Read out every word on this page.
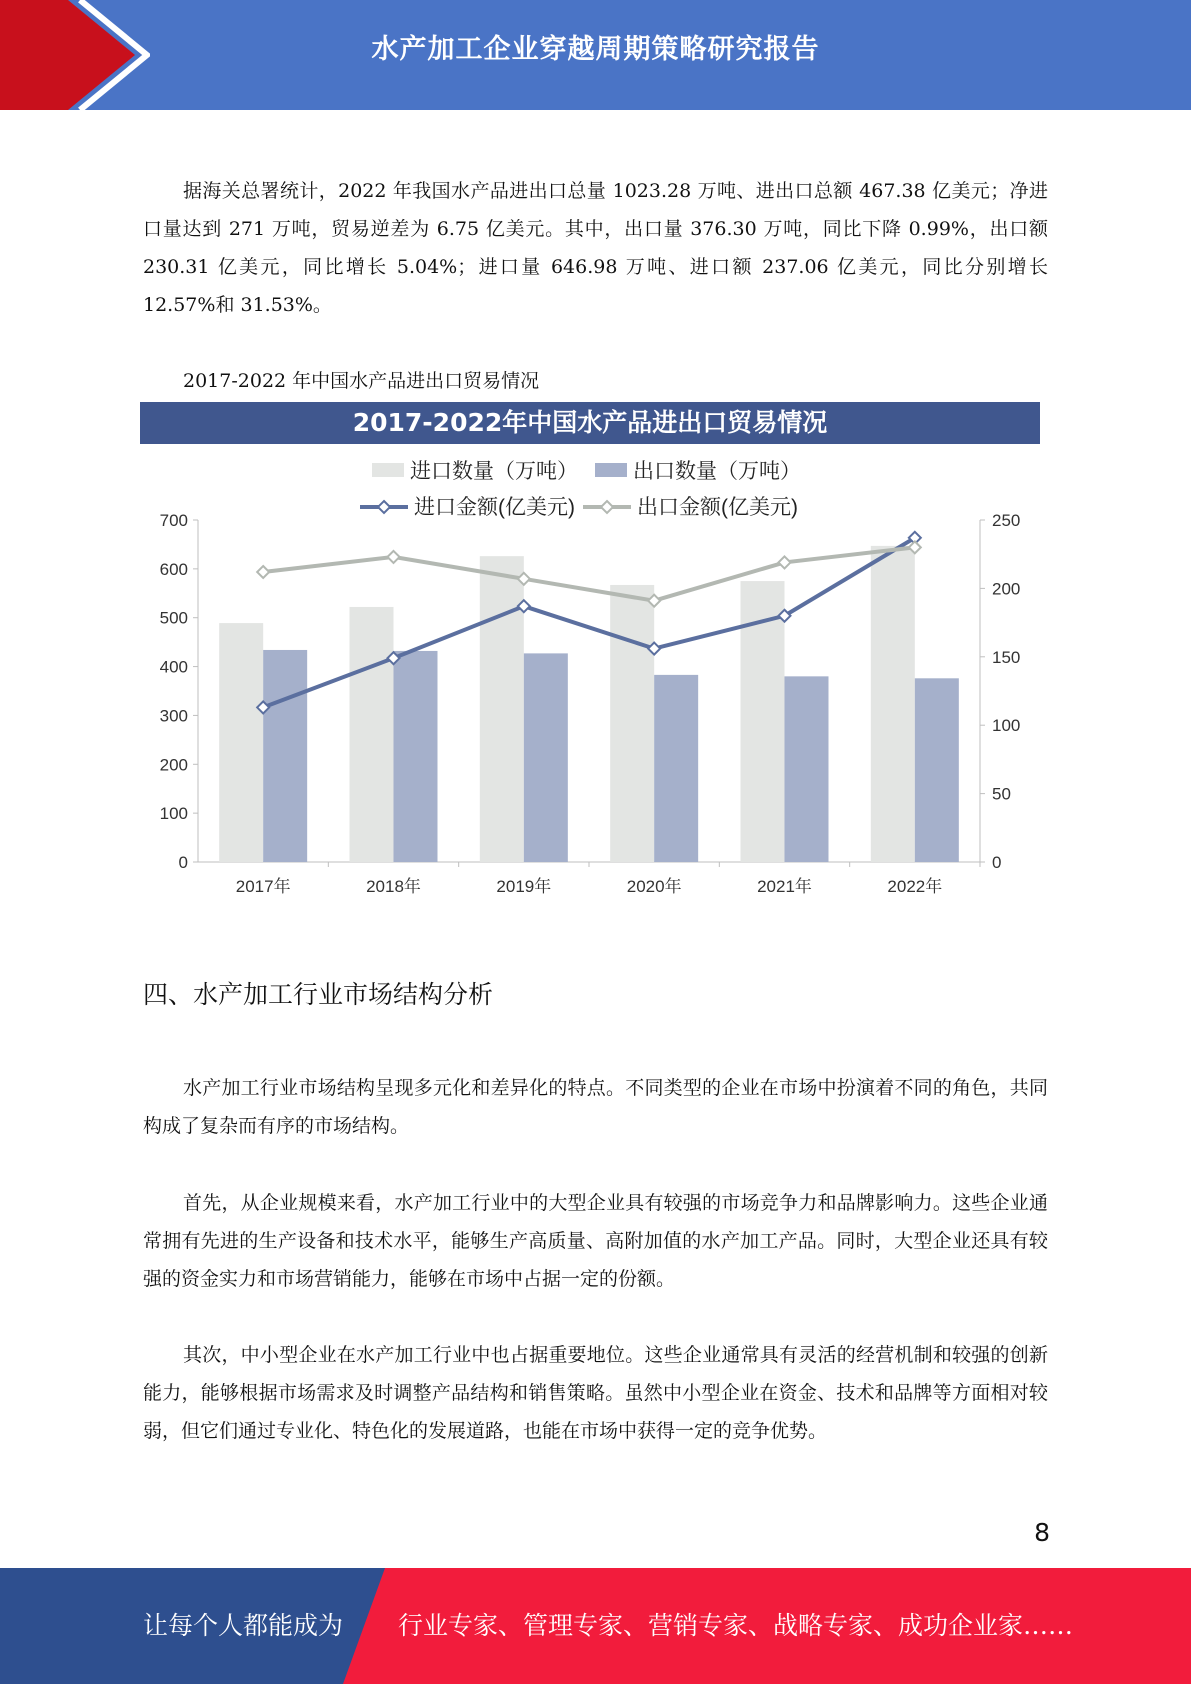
水产加工企业穿越周期策略研究报告

据海关总署统计，2022 年我国水产品进出口总量 1023.28 万吨、进出口总额 467.38 亿美元；净进口量达到 271 万吨，贸易逆差为 6.75 亿美元。其中，出口量 376.30 万吨，同比下降 0.99%，出口额 230.31 亿美元，同比增长 5.04%；进口量 646.98 万吨、进口额 237.06 亿美元，同比分别增长 12.57%和 31.53%。

2017-2022 年中国水产品进出口贸易情况
2017-2022年中国水产品进出口贸易情况
0
100
200
300
400
500
600
700
0
50
100
150
200
250
2017年	2018年	2019年	2020年	2021年	2022年
进口数量（万吨）	出口数量（万吨）
进口金额(亿美元)	出口金额(亿美元)
四、水产加工行业市场结构分析

水产加工行业市场结构呈现多元化和差异化的特点。不同类型的企业在市场中扮演着不同的角色，共同构成了复杂而有序的市场结构。

首先，从企业规模来看，水产加工行业中的大型企业具有较强的市场竞争力和品牌影响力。这些企业通常拥有先进的生产设备和技术水平，能够生产高质量、高附加值的水产加工产品。同时，大型企业还具有较强的资金实力和市场营销能力，能够在市场中占据一定的份额。

其次，中小型企业在水产加工行业中也占据重要地位。这些企业通常具有灵活的经营机制和较强的创新能力，能够根据市场需求及时调整产品结构和销售策略。虽然中小型企业在资金、技术和品牌等方面相对较弱，但它们通过专业化、特色化的发展道路，也能在市场中获得一定的竞争优势。

8
让每个人都能成为 行业专家、管理专家、营销专家、战略专家、成功企业家……
